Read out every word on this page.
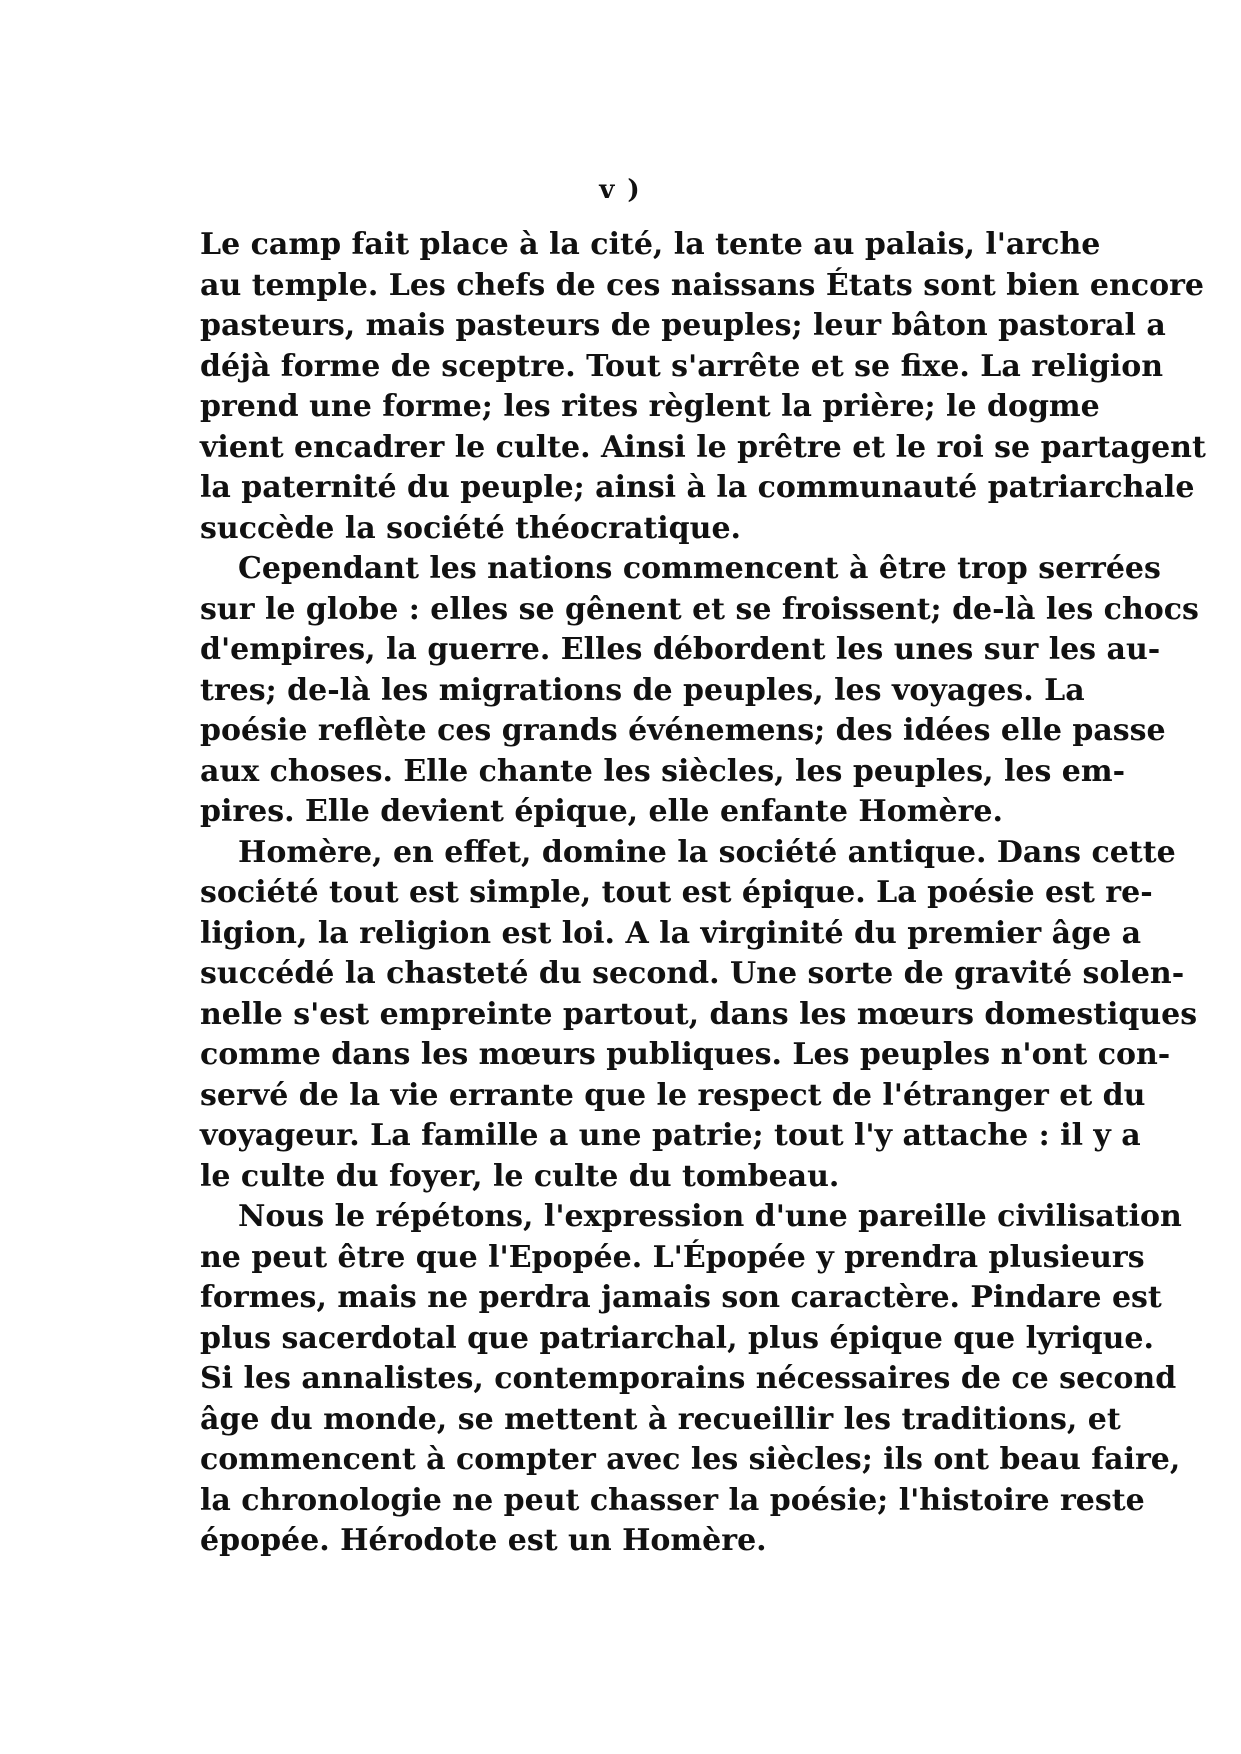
v )
Le camp fait place à la cité, la tente au palais, l'arche
au temple. Les chefs de ces naissans États sont bien encore
pasteurs, mais pasteurs de peuples; leur bâton pastoral a
déjà forme de sceptre. Tout s'arrête et se fixe. La religion
prend une forme; les rites règlent la prière; le dogme
vient encadrer le culte. Ainsi le prêtre et le roi se partagent
la paternité du peuple; ainsi à la communauté patriarchale
succède la société théocratique.
Cependant les nations commencent à être trop serrées
sur le globe : elles se gênent et se froissent; de-là les chocs
d'empires, la guerre. Elles débordent les unes sur les au-
tres; de-là les migrations de peuples, les voyages. La
poésie reflète ces grands événemens; des idées elle passe
aux choses. Elle chante les siècles, les peuples, les em-
pires. Elle devient épique, elle enfante Homère.
Homère, en effet, domine la société antique. Dans cette
société tout est simple, tout est épique. La poésie est re-
ligion, la religion est loi. A la virginité du premier âge a
succédé la chasteté du second. Une sorte de gravité solen-
nelle s'est empreinte partout, dans les mœurs domestiques
comme dans les mœurs publiques. Les peuples n'ont con-
servé de la vie errante que le respect de l'étranger et du
voyageur. La famille a une patrie; tout l'y attache : il y a
le culte du foyer, le culte du tombeau.
Nous le répétons, l'expression d'une pareille civilisation
ne peut être que l'Epopée. L'Épopée y prendra plusieurs
formes, mais ne perdra jamais son caractère. Pindare est
plus sacerdotal que patriarchal, plus épique que lyrique.
Si les annalistes, contemporains nécessaires de ce second
âge du monde, se mettent à recueillir les traditions, et
commencent à compter avec les siècles; ils ont beau faire,
la chronologie ne peut chasser la poésie; l'histoire reste
épopée. Hérodote est un Homère.
